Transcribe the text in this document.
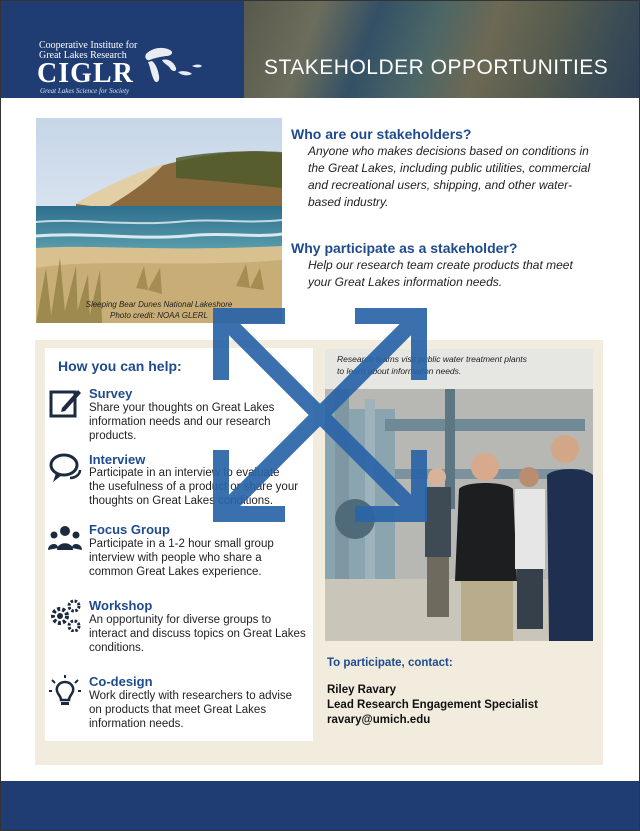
Cooperative Institute for
Great Lakes Research
CIGLR
Great Lakes Science for Society
STAKEHOLDER OPPORTUNITIES
Sleeping Bear Dunes National Lakeshore
Photo credit: NOAA GLERL
Who are our stakeholders?
Anyone who makes decisions based on conditions in
the Great Lakes, including public utilities, commercial
and recreational users, shipping, and other water-
based industry.
Why participate as a stakeholder?
Help our research team create products that meet
your Great Lakes information needs.
How you can help:
Survey
Share your thoughts on Great Lakes
information needs and our research
products.
Interview
Participate in an interview to evaluate
the usefulness of a product or share your
thoughts on Great Lakes conditions.
Focus Group
Participate in a 1-2 hour small group
interview with people who share a
common Great Lakes experience.
Workshop
An opportunity for diverse groups to
interact and discuss topics on Great Lakes
conditions.
Co-design
Work directly with researchers to advise
on products that meet Great Lakes
information needs.
Research teams visit public water treatment plants
to learn about information needs.
To participate, contact:
Riley Ravary
Lead Research Engagement Specialist
ravary@umich.edu
